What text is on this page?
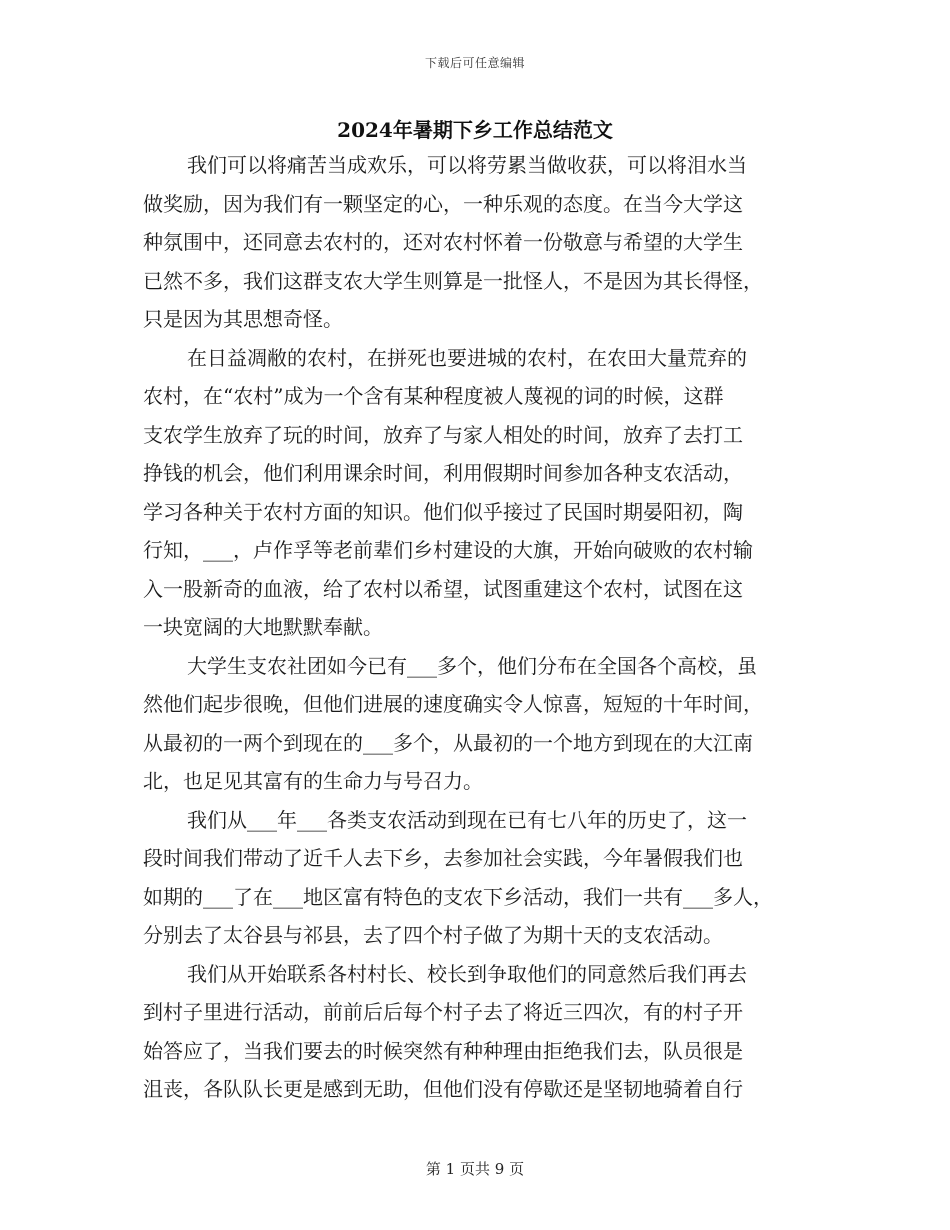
下载后可任意编辑
2024年暑期下乡工作总结范文
我们可以将痛苦当成欢乐，可以将劳累当做收获，可以将泪水当
做奖励，因为我们有一颗坚定的心，一种乐观的态度。在当今大学这
种氛围中，还同意去农村的，还对农村怀着一份敬意与希望的大学生
已然不多，我们这群支农大学生则算是一批怪人，不是因为其长得怪，
只是因为其思想奇怪。
在日益凋敝的农村，在拼死也要进城的农村，在农田大量荒弃的
农村，在“农村”成为一个含有某种程度被人蔑视的词的时候，这群
支农学生放弃了玩的时间，放弃了与家人相处的时间，放弃了去打工
挣钱的机会，他们利用课余时间，利用假期时间参加各种支农活动，
学习各种关于农村方面的知识。他们似乎接过了民国时期晏阳初，陶
行知，___，卢作孚等老前辈们乡村建设的大旗，开始向破败的农村输
入一股新奇的血液，给了农村以希望，试图重建这个农村，试图在这
一块宽阔的大地默默奉献。
大学生支农社团如今已有___多个，他们分布在全国各个高校，虽
然他们起步很晚，但他们进展的速度确实令人惊喜，短短的十年时间，
从最初的一两个到现在的___多个，从最初的一个地方到现在的大江南
北，也足见其富有的生命力与号召力。
我们从___年___各类支农活动到现在已有七八年的历史了，这一
段时间我们带动了近千人去下乡，去参加社会实践，今年暑假我们也
如期的___了在___地区富有特色的支农下乡活动，我们一共有___多人，
分别去了太谷县与祁县，去了四个村子做了为期十天的支农活动。
我们从开始联系各村村长、校长到争取他们的同意然后我们再去
到村子里进行活动，前前后后每个村子去了将近三四次，有的村子开
始答应了，当我们要去的时候突然有种种理由拒绝我们去，队员很是
沮丧，各队队长更是感到无助，但他们没有停歇还是坚韧地骑着自行
第 1 页共 9 页
